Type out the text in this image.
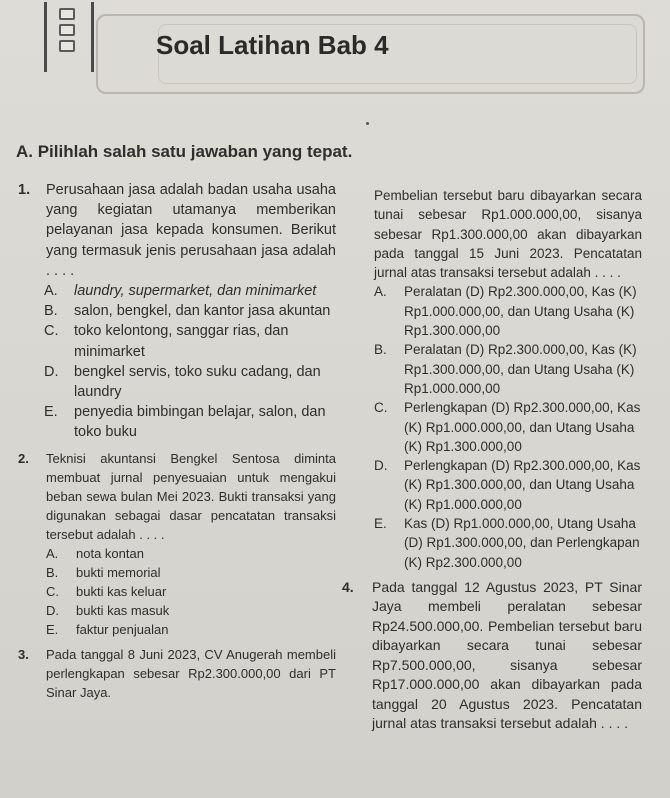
Soal Latihan Bab 4
A. Pilihlah salah satu jawaban yang tepat.
1. Perusahaan jasa adalah badan usaha usaha yang kegiatan utamanya memberikan pelayanan jasa kepada konsumen. Berikut yang termasuk jenis perusahaan jasa adalah . . . .
A. laundry, supermarket, dan minimarket
B. salon, bengkel, dan kantor jasa akuntan
C. toko kelontong, sanggar rias, dan minimarket
D. bengkel servis, toko suku cadang, dan laundry
E. penyedia bimbingan belajar, salon, dan toko buku
2. Teknisi akuntansi Bengkel Sentosa diminta membuat jurnal penyesuaian untuk mengakui beban sewa bulan Mei 2023. Bukti transaksi yang digunakan sebagai dasar pencatatan transaksi tersebut adalah . . . .
A. nota kontan
B. bukti memorial
C. bukti kas keluar
D. bukti kas masuk
E. faktur penjualan
3. Pada tanggal 8 Juni 2023, CV Anugerah membeli perlengkapan sebesar Rp2.300.000,00 dari PT Sinar Jaya.
Pembelian tersebut baru dibayarkan secara tunai sebesar Rp1.000.000,00, sisanya sebesar Rp1.300.000,00 akan dibayarkan pada tanggal 15 Juni 2023. Pencatatan jurnal atas transaksi tersebut adalah . . . .
A. Peralatan (D) Rp2.300.000,00, Kas (K) Rp1.000.000,00, dan Utang Usaha (K) Rp1.300.000,00
B. Peralatan (D) Rp2.300.000,00, Kas (K) Rp1.300.000,00, dan Utang Usaha (K) Rp1.000.000,00
C. Perlengkapan (D) Rp2.300.000,00, Kas (K) Rp1.000.000,00, dan Utang Usaha (K) Rp1.300.000,00
D. Perlengkapan (D) Rp2.300.000,00, Kas (K) Rp1.300.000,00, dan Utang Usaha (K) Rp1.000.000,00
E. Kas (D) Rp1.000.000,00, Utang Usaha (D) Rp1.300.000,00, dan Perlengkapan (K) Rp2.300.000,00
4. Pada tanggal 12 Agustus 2023, PT Sinar Jaya membeli peralatan sebesar Rp24.500.000,00. Pembelian tersebut baru dibayarkan secara tunai sebesar Rp7.500.000,00, sisanya sebesar Rp17.000.000,00 akan dibayarkan pada tanggal 20 Agustus 2023. Pencatatan jurnal atas transaksi tersebut adalah . . . .
